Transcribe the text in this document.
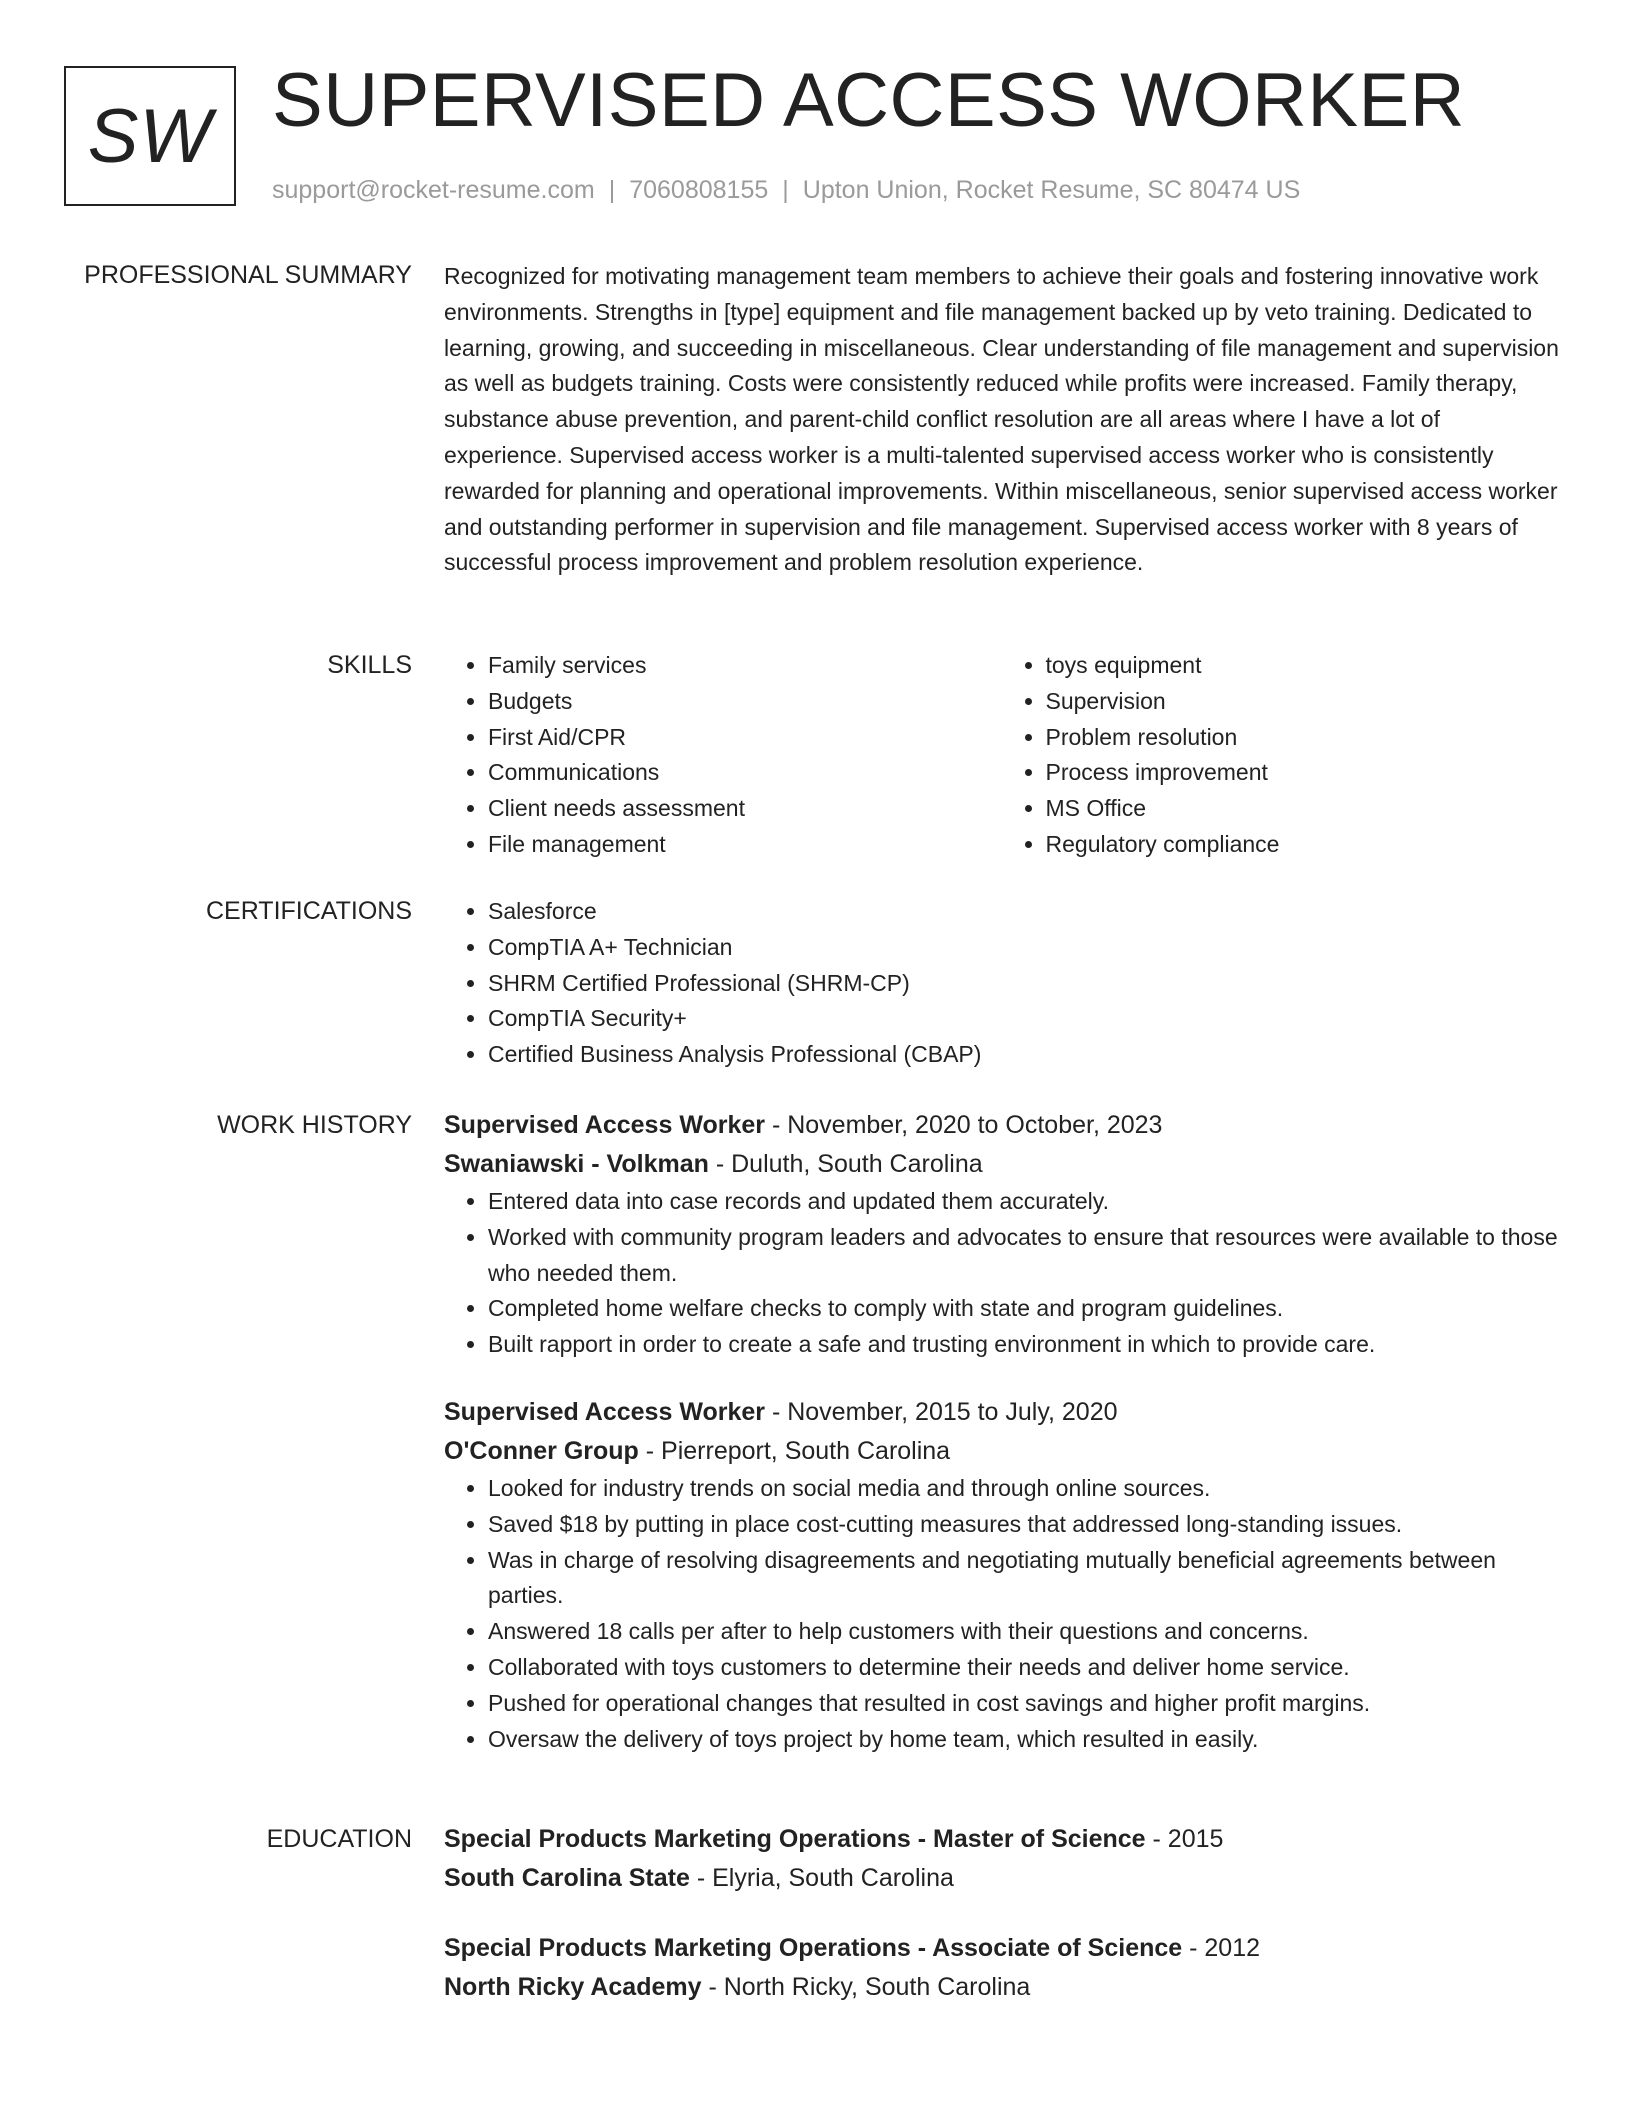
SW SUPERVISED ACCESS WORKER
support@rocket-resume.com | 7060808155 | Upton Union, Rocket Resume, SC 80474 US
PROFESSIONAL SUMMARY Recognized for motivating management team members to achieve their goals and fostering innovative work environments. Strengths in [type] equipment and file management backed up by veto training. Dedicated to learning, growing, and succeeding in miscellaneous. Clear understanding of file management and supervision as well as budgets training. Costs were consistently reduced while profits were increased. Family therapy, substance abuse prevention, and parent-child conflict resolution are all areas where I have a lot of experience. Supervised access worker is a multi-talented supervised access worker who is consistently rewarded for planning and operational improvements. Within miscellaneous, senior supervised access worker and outstanding performer in supervision and file management. Supervised access worker with 8 years of successful process improvement and problem resolution experience.

SKILLS	• Family services
• Budgets
• First Aid/CPR
• Communications
• Client needs assessment
• File management
• toys equipment
• Supervision
• Problem resolution
• Process improvement
• MS Office
• Regulatory compliance
CERTIFICATIONS	• Salesforce
• CompTIA A+ Technician
• SHRM Certified Professional (SHRM-CP)
• CompTIA Security+
• Certified Business Analysis Professional (CBAP)
WORK HISTORY Supervised Access Worker - November, 2020 to October, 2023
Swaniawski - Volkman - Duluth, South Carolina
• Entered data into case records and updated them accurately.
• Worked with community program leaders and advocates to ensure that resources were available to those who needed them.
• Completed home welfare checks to comply with state and program guidelines.
• Built rapport in order to create a safe and trusting environment in which to provide care.
Supervised Access Worker - November, 2015 to July, 2020
O'Conner Group - Pierreport, South Carolina
• Looked for industry trends on social media and through online sources.
• Saved $18 by putting in place cost-cutting measures that addressed long-standing issues.
• Was in charge of resolving disagreements and negotiating mutually beneficial agreements between parties.
• Answered 18 calls per after to help customers with their questions and concerns.
• Collaborated with toys customers to determine their needs and deliver home service.
• Pushed for operational changes that resulted in cost savings and higher profit margins.
• Oversaw the delivery of toys project by home team, which resulted in easily.
EDUCATION Special Products Marketing Operations - Master of Science - 2015
South Carolina State - Elyria, South Carolina
Special Products Marketing Operations - Associate of Science - 2012
North Ricky Academy - North Ricky, South Carolina
